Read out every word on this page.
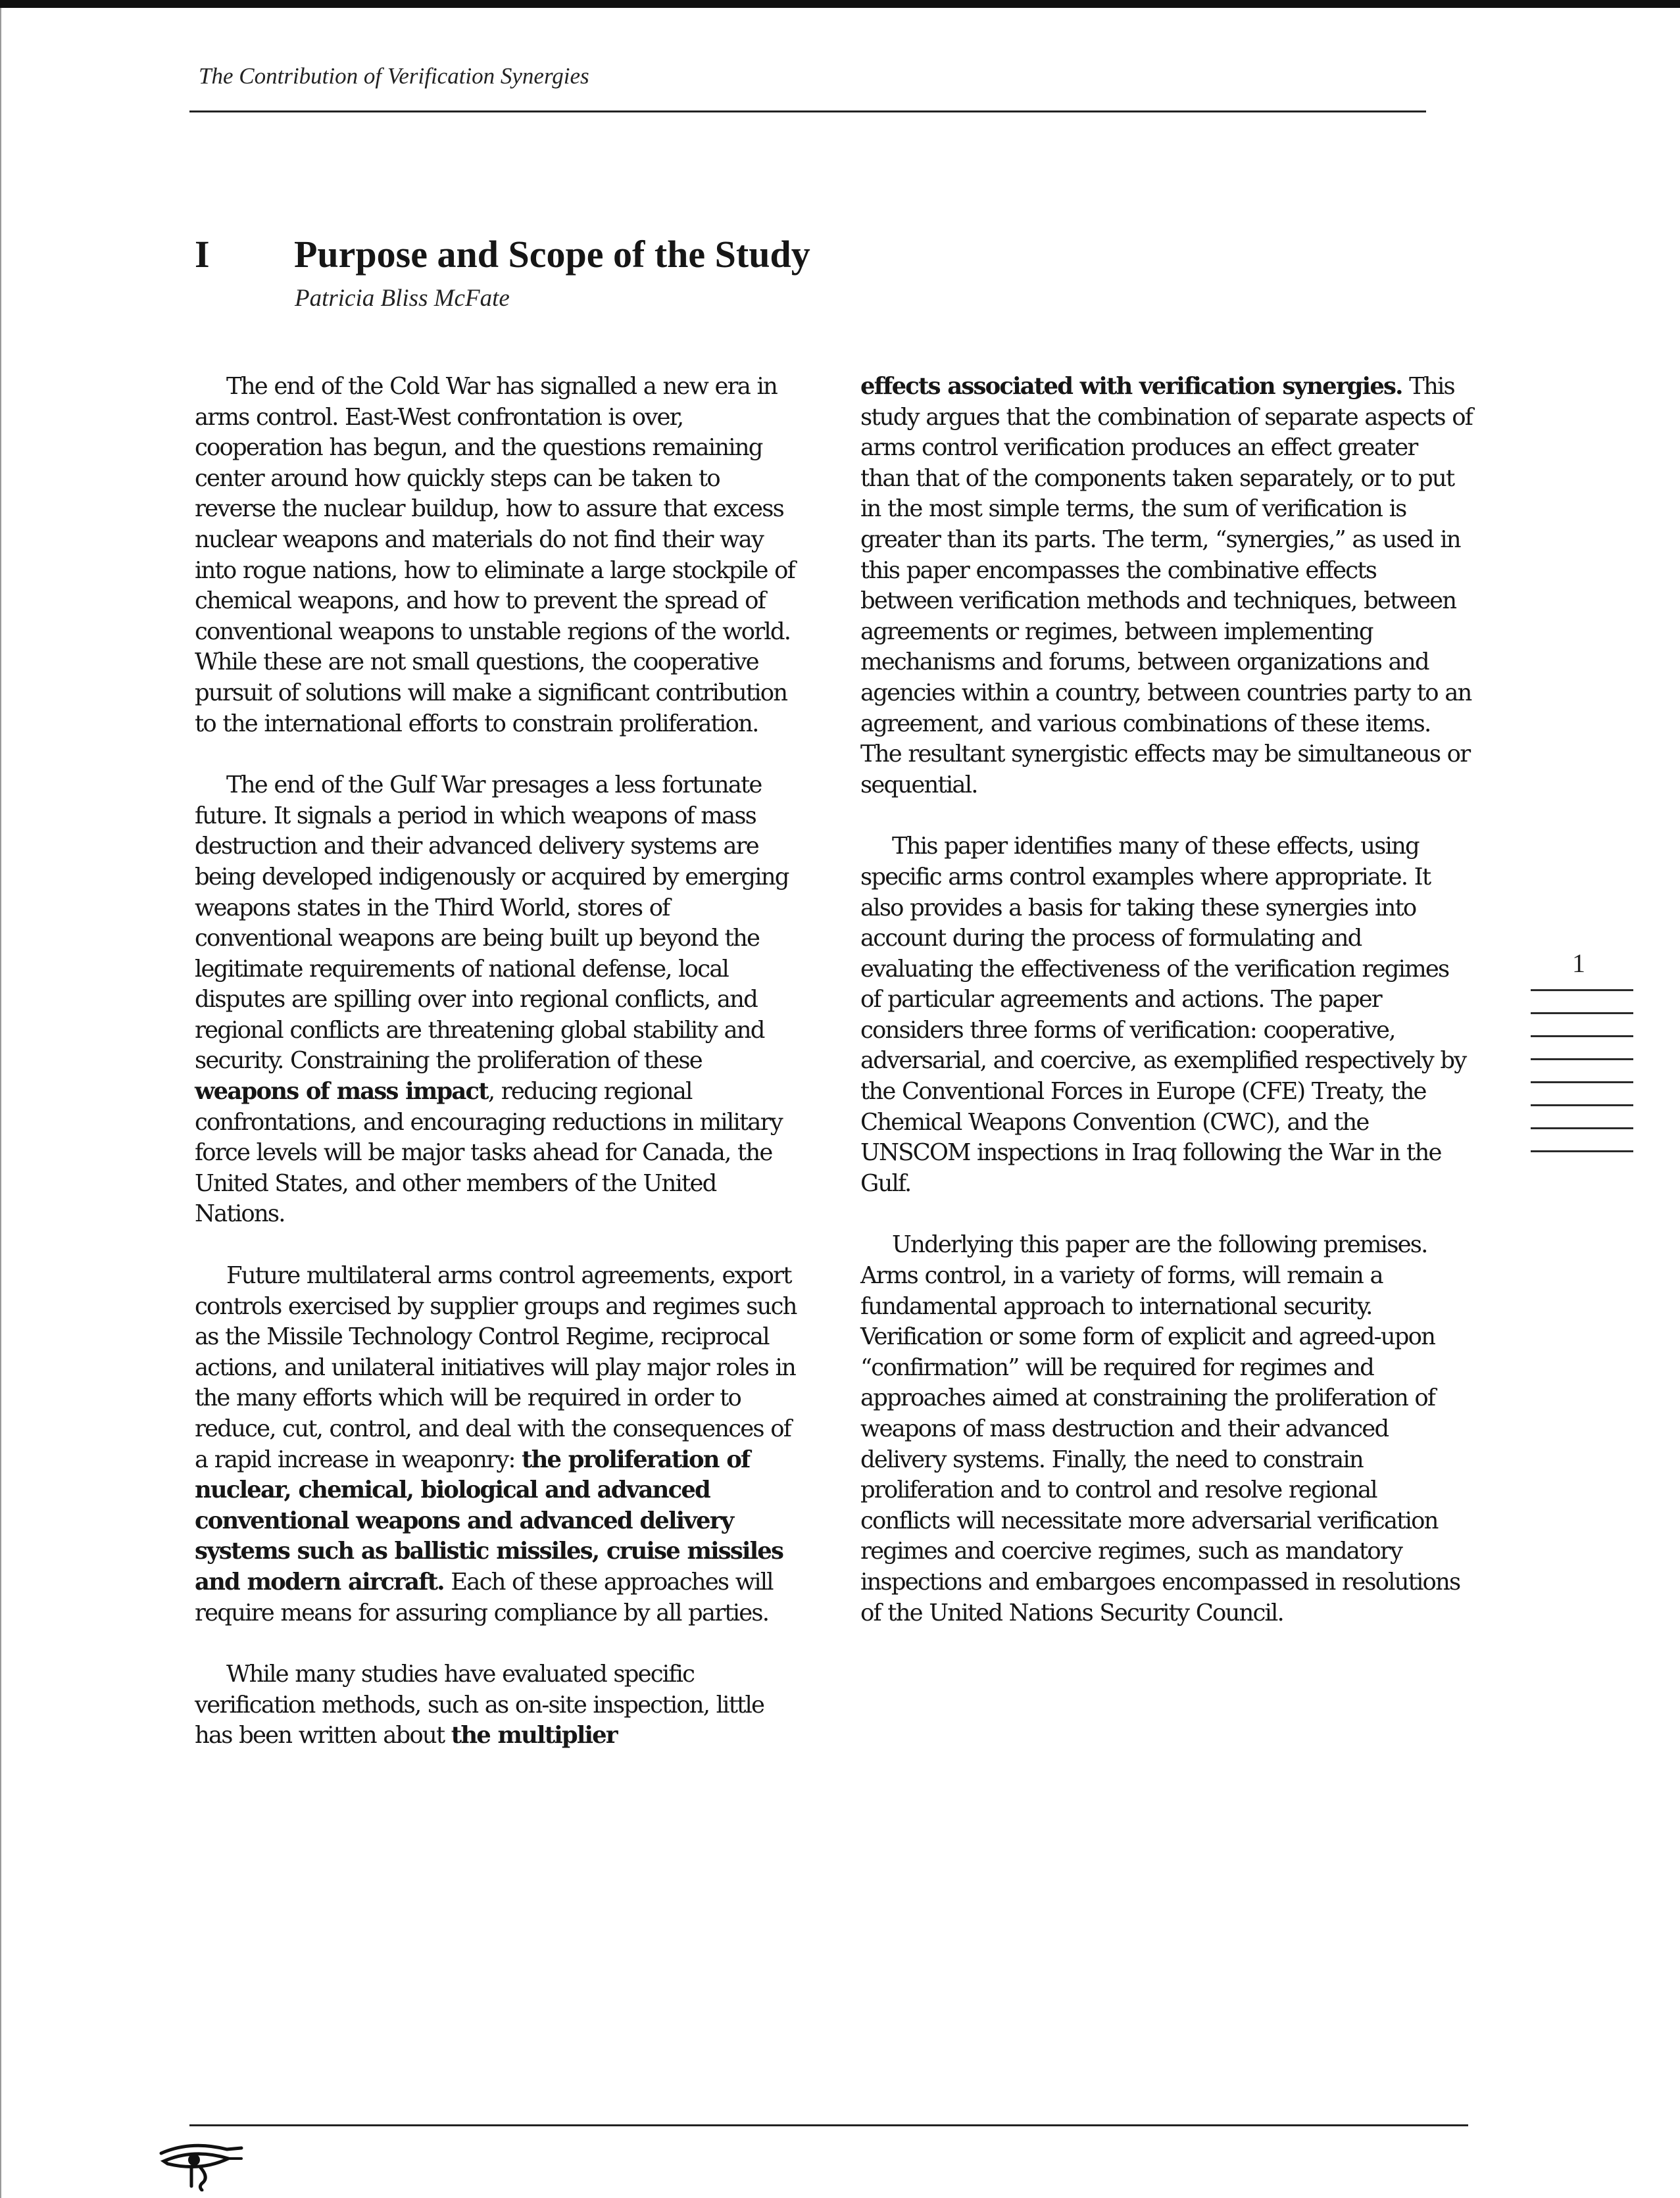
The Contribution of Verification Synergies
I Purpose and Scope of the Study
Patricia Bliss McFate

The end of the Cold War has signalled a new era in arms control. East-West confrontation is over, cooperation has begun, and the questions remaining center around how quickly steps can be taken to reverse the nuclear buildup, how to assure that excess nuclear weapons and materials do not find their way into rogue nations, how to eliminate a large stockpile of chemical weapons, and how to prevent the spread of conventional weapons to unstable regions of the world. While these are not small questions, the cooperative pursuit of solutions will make a significant contribution to the international efforts to constrain proliferation.

The end of the Gulf War presages a less fortunate future. It signals a period in which weapons of mass destruction and their advanced delivery systems are being developed indigenously or acquired by emerging weapons states in the Third World, stores of conventional weapons are being built up beyond the legitimate requirements of national defense, local disputes are spilling over into regional conflicts, and regional conflicts are threatening global stability and security. Constraining the proliferation of these weapons of mass impact, reducing regional confrontations, and encouraging reductions in military force levels will be major tasks ahead for Canada, the United States, and other members of the United Nations.

Future multilateral arms control agreements, export controls exercised by supplier groups and regimes such as the Missile Technology Control Regime, reciprocal actions, and unilateral initiatives will play major roles in the many efforts which will be required in order to reduce, cut, control, and deal with the consequences of a rapid increase in weaponry: the proliferation of nuclear, chemical, biological and advanced conventional weapons and advanced delivery systems such as ballistic missiles, cruise missiles and modern aircraft. Each of these approaches will require means for assuring compliance by all parties.

While many studies have evaluated specific verification methods, such as on-site inspection, little has been written about the multiplier

effects associated with verification synergies. This study argues that the combination of separate aspects of arms control verification produces an effect greater than that of the components taken separately, or to put in the most simple terms, the sum of verification is greater than its parts. The term, “synergies,” as used in this paper encompasses the combinative effects between verification methods and techniques, between agreements or regimes, between implementing mechanisms and forums, between organizations and agencies within a country, between countries party to an agreement, and various combinations of these items. The resultant synergistic effects may be simultaneous or sequential.

This paper identifies many of these effects, using specific arms control examples where appropriate. It also provides a basis for taking these synergies into account during the process of formulating and evaluating the effectiveness of the verification regimes of particular agreements and actions. The paper considers three forms of verification: cooperative, adversarial, and coercive, as exemplified respectively by the Conventional Forces in Europe (CFE) Treaty, the Chemical Weapons Convention (CWC), and the UNSCOM inspections in Iraq following the War in the Gulf.

Underlying this paper are the following premises. Arms control, in a variety of forms, will remain a fundamental approach to international security. Verification or some form of explicit and agreed-upon “confirmation” will be required for regimes and approaches aimed at constraining the proliferation of weapons of mass destruction and their advanced delivery systems. Finally, the need to constrain proliferation and to control and resolve regional conflicts will necessitate more adversarial verification regimes and coercive regimes, such as mandatory inspections and embargoes encompassed in resolutions of the United Nations Security Council.

1
